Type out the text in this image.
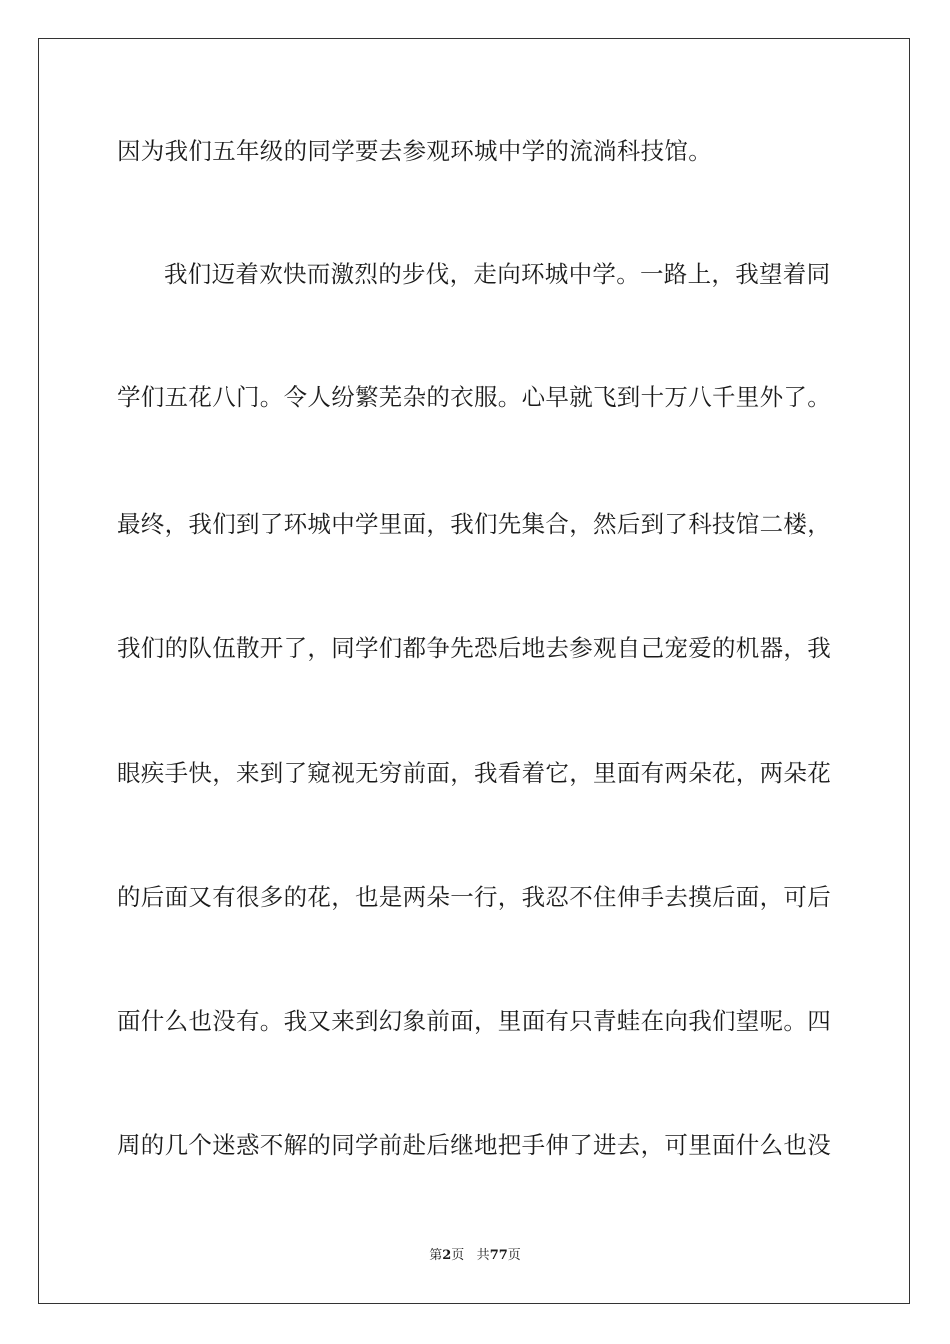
因为我们五年级的同学要去参观环城中学的流淌科技馆。
我们迈着欢快而激烈的步伐，走向环城中学。一路上，我望着同
学们五花八门。令人纷繁芜杂的衣服。心早就飞到十万八千里外了。
最终，我们到了环城中学里面，我们先集合，然后到了科技馆二楼，
我们的队伍散开了，同学们都争先恐后地去参观自己宠爱的机器，我
眼疾手快，来到了窥视无穷前面，我看着它，里面有两朵花，两朵花
的后面又有很多的花，也是两朵一行，我忍不住伸手去摸后面，可后
面什么也没有。我又来到幻象前面，里面有只青蛙在向我们望呢。四
周的几个迷惑不解的同学前赴后继地把手伸了进去，可里面什么也没
第2页 共77页
